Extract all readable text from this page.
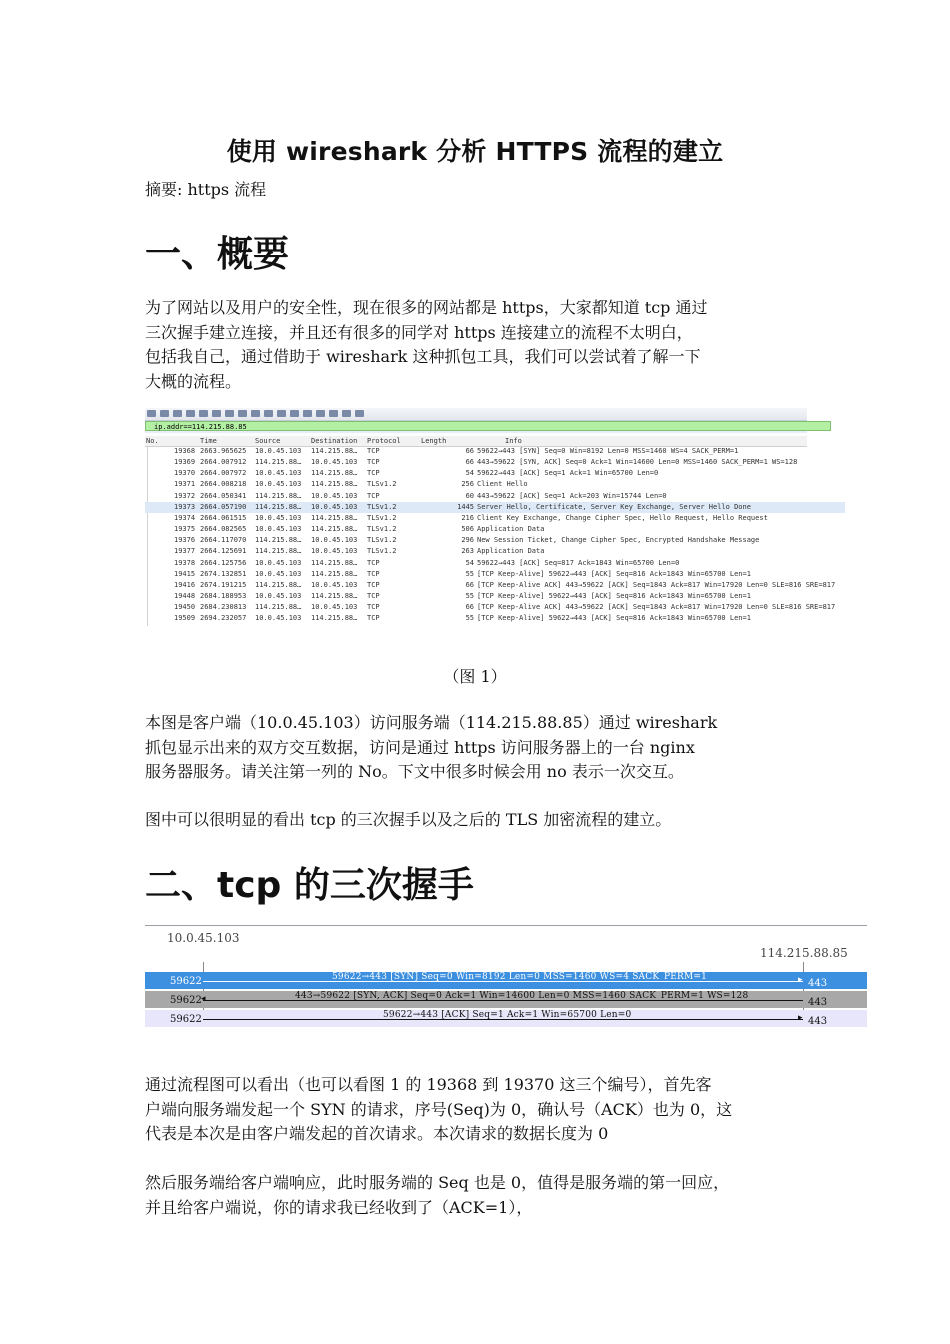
使用 wireshark 分析 HTTPS 流程的建立
摘要: https 流程
一、概要
为了网站以及用户的安全性，现在很多的网站都是 https，大家都知道 tcp 通过
三次握手建立连接，并且还有很多的同学对 https 连接建立的流程不太明白，
包括我自己，通过借助于 wireshark 这种抓包工具，我们可以尝试着了解一下
大概的流程。
ip.addr==114.215.88.85
No.	Time	Source	Destination Protocol	Length	Info
19368 2663.965625 10.0.45.103 114.215.88… TCP	66 59622→443 [SYN] Seq=0 Win=8192 Len=0 MSS=1460 WS=4 SACK_PERM=1
19369 2664.007912 114.215.88… 10.0.45.103 TCP	66 443→59622 [SYN, ACK] Seq=0 Ack=1 Win=14600 Len=0 MSS=1460 SACK_PERM=1 WS=128
19370 2664.007972 10.0.45.103 114.215.88… TCP	54 59622→443 [ACK] Seq=1 Ack=1 Win=65700 Len=0
19371 2664.008218 10.0.45.103 114.215.88… TLSv1.2	256 Client Hello
19372 2664.050341 114.215.88… 10.0.45.103 TCP	60 443→59622 [ACK] Seq=1 Ack=203 Win=15744 Len=0
19373 2664.057190 114.215.88… 10.0.45.103 TLSv1.2	1445 Server Hello, Certificate, Server Key Exchange, Server Hello Done
19374 2664.061515 10.0.45.103 114.215.88… TLSv1.2	216 Client Key Exchange, Change Cipher Spec, Hello Request, Hello Request
19375 2664.082565 10.0.45.103 114.215.88… TLSv1.2	506 Application Data
19376 2664.117070 114.215.88… 10.0.45.103 TLSv1.2	296 New Session Ticket, Change Cipher Spec, Encrypted Handshake Message
19377 2664.125691 114.215.88… 10.0.45.103 TLSv1.2	263 Application Data
19378 2664.125756 10.0.45.103 114.215.88… TCP	54 59622→443 [ACK] Seq=817 Ack=1843 Win=65700 Len=0
19415 2674.132851 10.0.45.103 114.215.88… TCP	55 [TCP Keep-Alive] 59622→443 [ACK] Seq=816 Ack=1843 Win=65700 Len=1
19416 2674.191215 114.215.88… 10.0.45.103 TCP	66 [TCP Keep-Alive ACK] 443→59622 [ACK] Seq=1843 Ack=817 Win=17920 Len=0 SLE=816 SRE=817
19448 2684.188953 10.0.45.103 114.215.88… TCP	55 [TCP Keep-Alive] 59622→443 [ACK] Seq=816 Ack=1843 Win=65700 Len=1
19450 2684.230813 114.215.88… 10.0.45.103 TCP	66 [TCP Keep-Alive ACK] 443→59622 [ACK] Seq=1843 Ack=817 Win=17920 Len=0 SLE=816 SRE=817
19509 2694.232057 10.0.45.103 114.215.88… TCP	55 [TCP Keep-Alive] 59622→443 [ACK] Seq=816 Ack=1843 Win=65700 Len=1
（图 1）
本图是客户端（10.0.45.103）访问服务端（114.215.88.85）通过 wireshark
抓包显示出来的双方交互数据，访问是通过 https 访问服务器上的一台 nginx
服务器服务。请关注第一列的 No。下文中很多时候会用 no 表示一次交互。
图中可以很明显的看出 tcp 的三次握手以及之后的 TLS 加密流程的建立。
二、tcp 的三次握手
10.0.45.103
114.215.88.85
59622	443
▸
59622→443 [SYN] Seq=0 Win=8192 Len=0 MSS=1460 WS=4 SACK_PERM=1
59622	443
◂	443→59622 [SYN, ACK] Seq=0 Ack=1 Win=14600 Len=0 MSS=1460 SACK_PERM=1 WS=128
59622	443
▸
59622→443 [ACK] Seq=1 Ack=1 Win=65700 Len=0
通过流程图可以看出（也可以看图 1 的 19368 到 19370 这三个编号），首先客
户端向服务端发起一个 SYN 的请求，序号(Seq)为 0，确认号（ACK）也为 0，这
代表是本次是由客户端发起的首次请求。本次请求的数据长度为 0
然后服务端给客户端响应，此时服务端的 Seq 也是 0，值得是服务端的第一回应，
并且给客户端说，你的请求我已经收到了（ACK=1），
